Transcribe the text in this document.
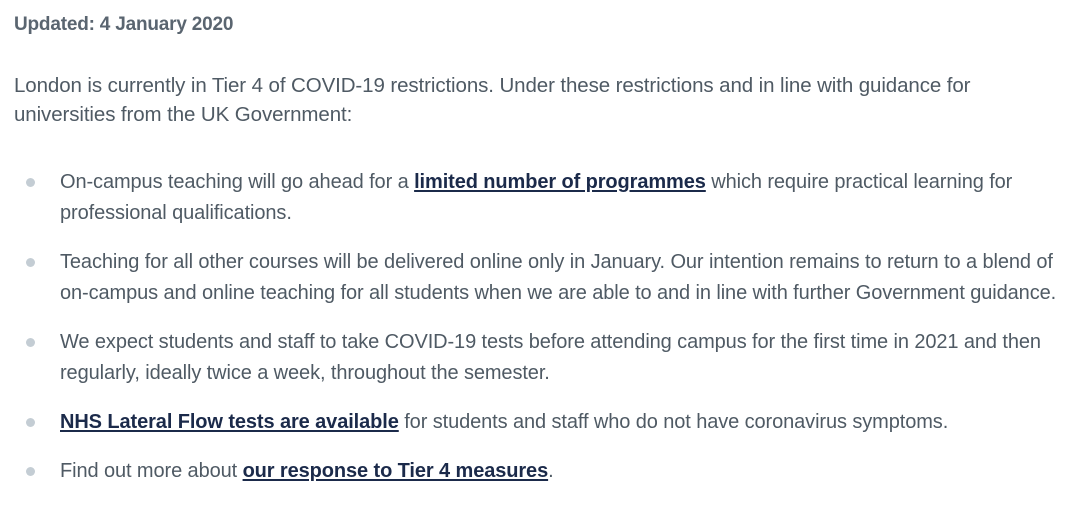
Updated: 4 January 2020

London is currently in Tier 4 of COVID-19 restrictions. Under these restrictions and in line with guidance for universities from the UK Government:

On-campus teaching will go ahead for a limited number of programmes which require practical learning for professional qualifications.
Teaching for all other courses will be delivered online only in January. Our intention remains to return to a blend of on-campus and online teaching for all students when we are able to and in line with further Government guidance.
We expect students and staff to take COVID-19 tests before attending campus for the first time in 2021 and then regularly, ideally twice a week, throughout the semester.
NHS Lateral Flow tests are available for students and staff who do not have coronavirus symptoms.
Find out more about our response to Tier 4 measures.
